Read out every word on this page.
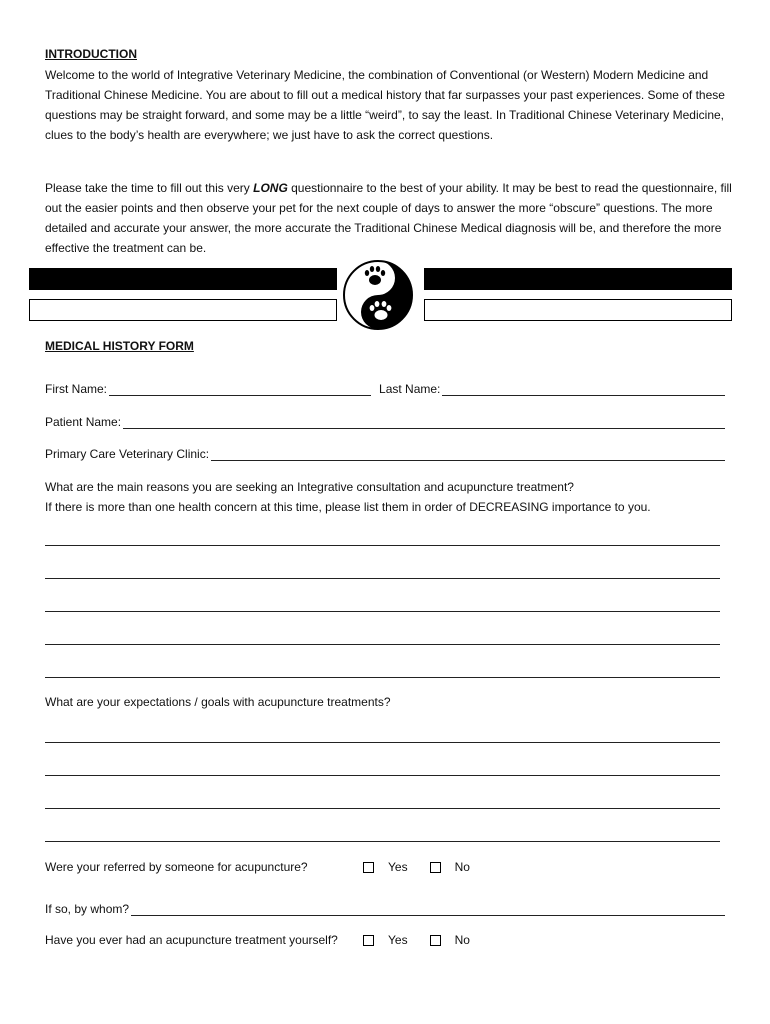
INTRODUCTION
Welcome to the world of Integrative Veterinary Medicine, the combination of Conventional (or Western) Modern Medicine and Traditional Chinese Medicine. You are about to fill out a medical history that far surpasses your past experiences. Some of these questions may be straight forward, and some may be a little “weird”, to say the least. In Traditional Chinese Veterinary Medicine, clues to the body’s health are everywhere; we just have to ask the correct questions.
Please take the time to fill out this very LONG questionnaire to the best of your ability. It may be best to read the questionnaire, fill out the easier points and then observe your pet for the next couple of days to answer the more “obscure” questions. The more detailed and accurate your answer, the more accurate the Traditional Chinese Medical diagnosis will be, and therefore the more effective the treatment can be.
MEDICAL HISTORY FORM
First Name:	Last Name:
Patient Name:
Primary Care Veterinary Clinic:
What are the main reasons you are seeking an Integrative consultation and acupuncture treatment?
If there is more than one health concern at this time, please list them in order of DECREASING importance to you.
What are your expectations / goals with acupuncture treatments?
Were your referred by someone for acupuncture?	Yes	No
If so, by whom?
Have you ever had an acupuncture treatment yourself?	Yes	No
